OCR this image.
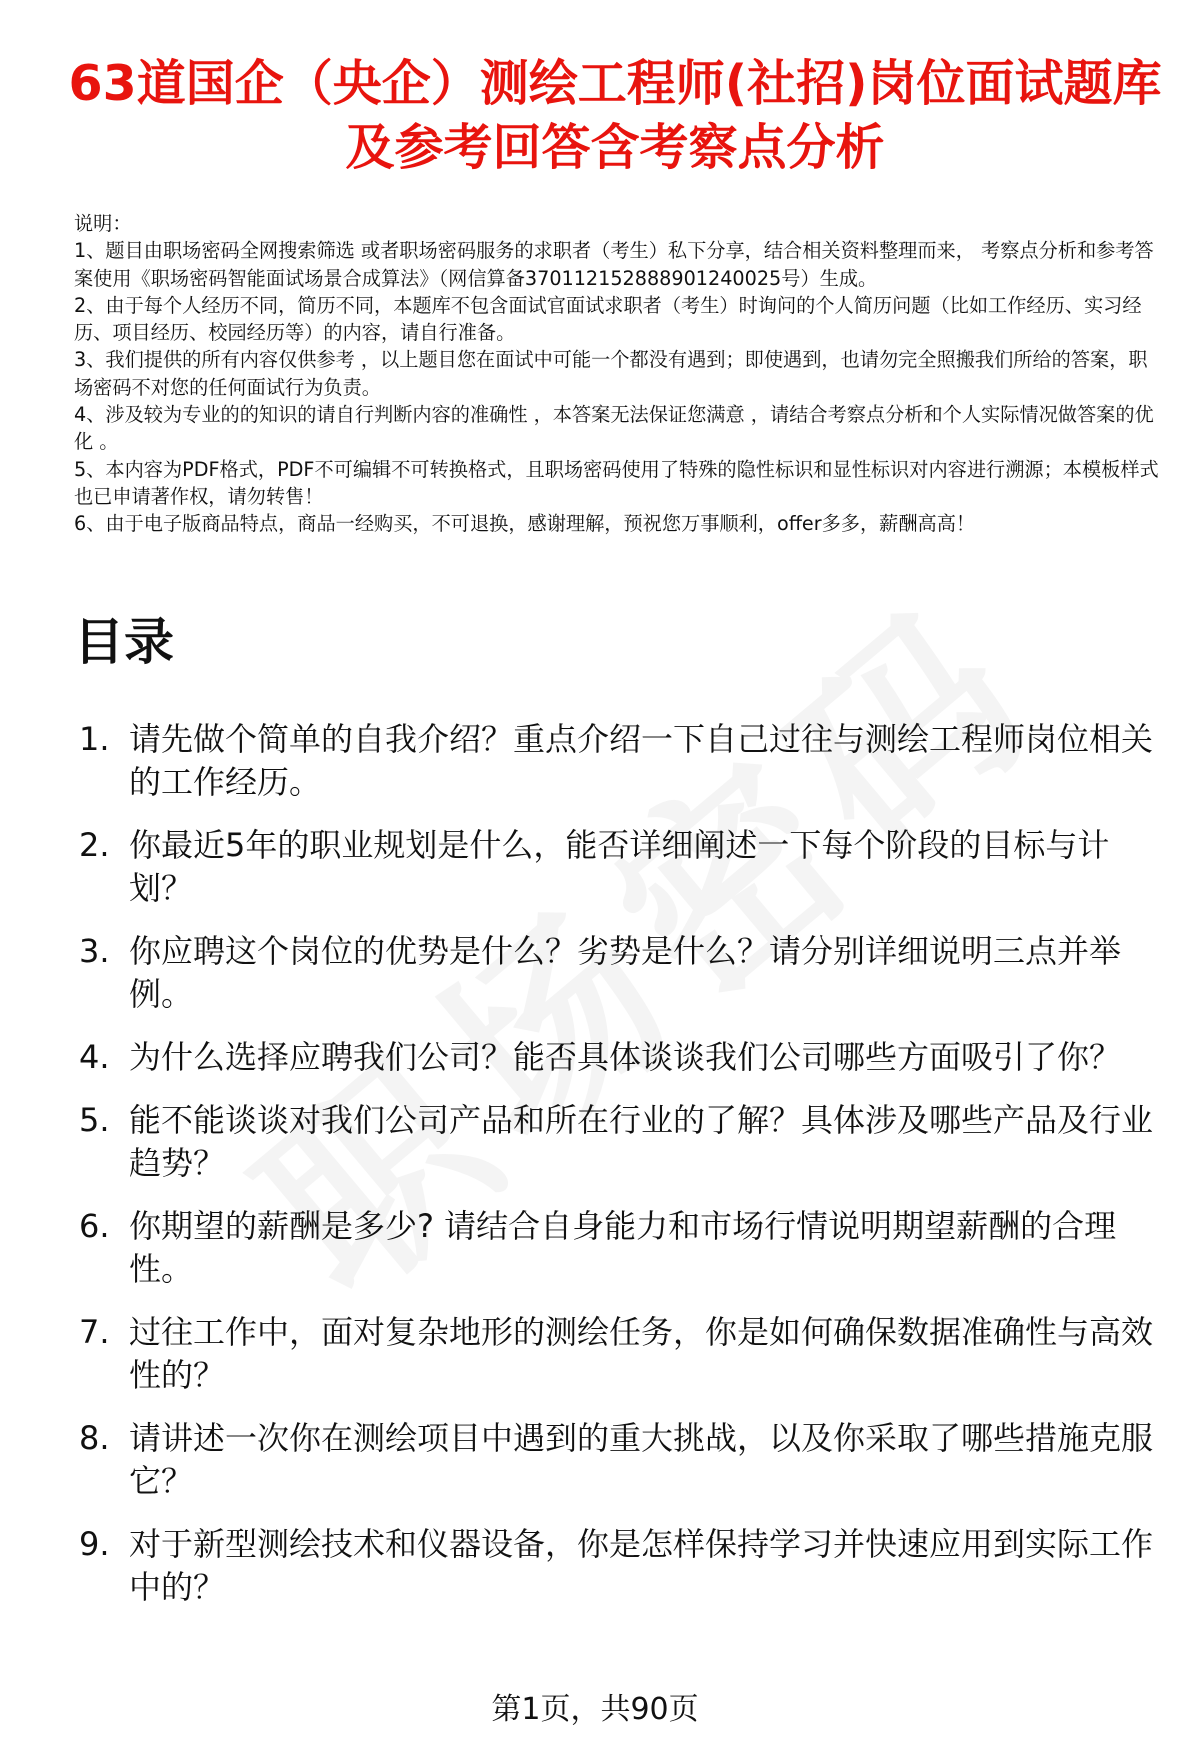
63道国企（央企）测绘工程师(社招)岗位面试题库及参考回答含考察点分析

说明：

1、题目由职场密码全网搜索筛选 或者职场密码服务的求职者（考生）私下分享，结合相关资料整理而来， 考察点分析和参考答案使用《职场密码智能面试场景合成算法》（网信算备370112152888901240025号）生成。

2、由于每个人经历不同，简历不同，本题库不包含面试官面试求职者（考生）时询问的个人简历问题（比如工作经历、实习经历、项目经历、校园经历等）的内容，请自行准备。

3、我们提供的所有内容仅供参考 ，以上题目您在面试中可能一个都没有遇到；即使遇到，也请勿完全照搬我们所给的答案，职场密码不对您的任何面试行为负责。

4、涉及较为专业的的知识的请自行判断内容的准确性 ，本答案无法保证您满意 ，请结合考察点分析和个人实际情况做答案的优化 。

5、本内容为PDF格式，PDF不可编辑不可转换格式，且职场密码使用了特殊的隐性标识和显性标识对内容进行溯源；本模板样式也已申请著作权，请勿转售！

6、由于电子版商品特点，商品一经购买，不可退换，感谢理解，预祝您万事顺利，offer多多，薪酬高高！

目录
1. 请先做个简单的自我介绍？重点介绍一下自己过往与测绘工程师岗位相关的工作经历。
2. 你最近5年的职业规划是什么，能否详细阐述一下每个阶段的目标与计划？
3. 你应聘这个岗位的优势是什么？劣势是什么？请分别详细说明三点并举例。
4. 为什么选择应聘我们公司？能否具体谈谈我们公司哪些方面吸引了你？
5. 能不能谈谈对我们公司产品和所在行业的了解？具体涉及哪些产品及行业趋势？
6. 你期望的薪酬是多少? 请结合自身能力和市场行情说明期望薪酬的合理性。
7. 过往工作中，面对复杂地形的测绘任务，你是如何确保数据准确性与高效性的？
8. 请讲述一次你在测绘项目中遇到的重大挑战，以及你采取了哪些措施克服它？
9. 对于新型测绘技术和仪器设备，你是怎样保持学习并快速应用到实际工作中的？
第1页，共90页
